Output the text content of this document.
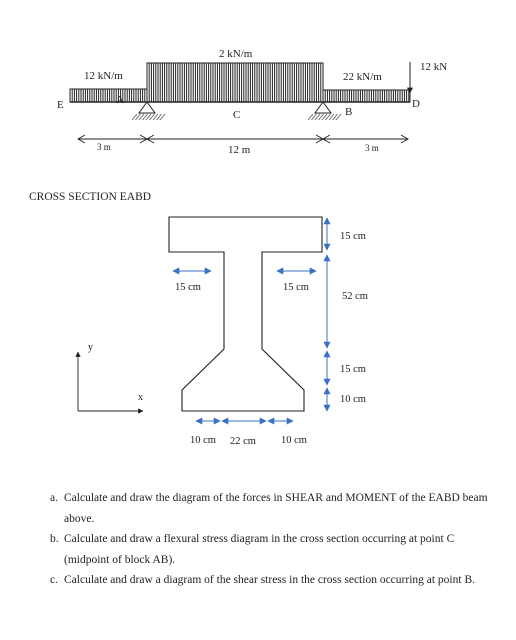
12 kN/m
2 kN/m
22 kN/m
12 kN
E	A
C	B
D
3 m	12 m	3 m
CROSS SECTION EABD
15 cm	15 cm
15 cm
52 cm
15 cm
10 cm
10 cm 22 cm 10 cm
y
x
a. Calculate and draw the diagram of the forces in SHEAR and MOMENT of the EABD beam above.
b. Calculate and draw a flexural stress diagram in the cross section occurring at point C (midpoint of block AB).
c. Calculate and draw a diagram of the shear stress in the cross section occurring at point B.
